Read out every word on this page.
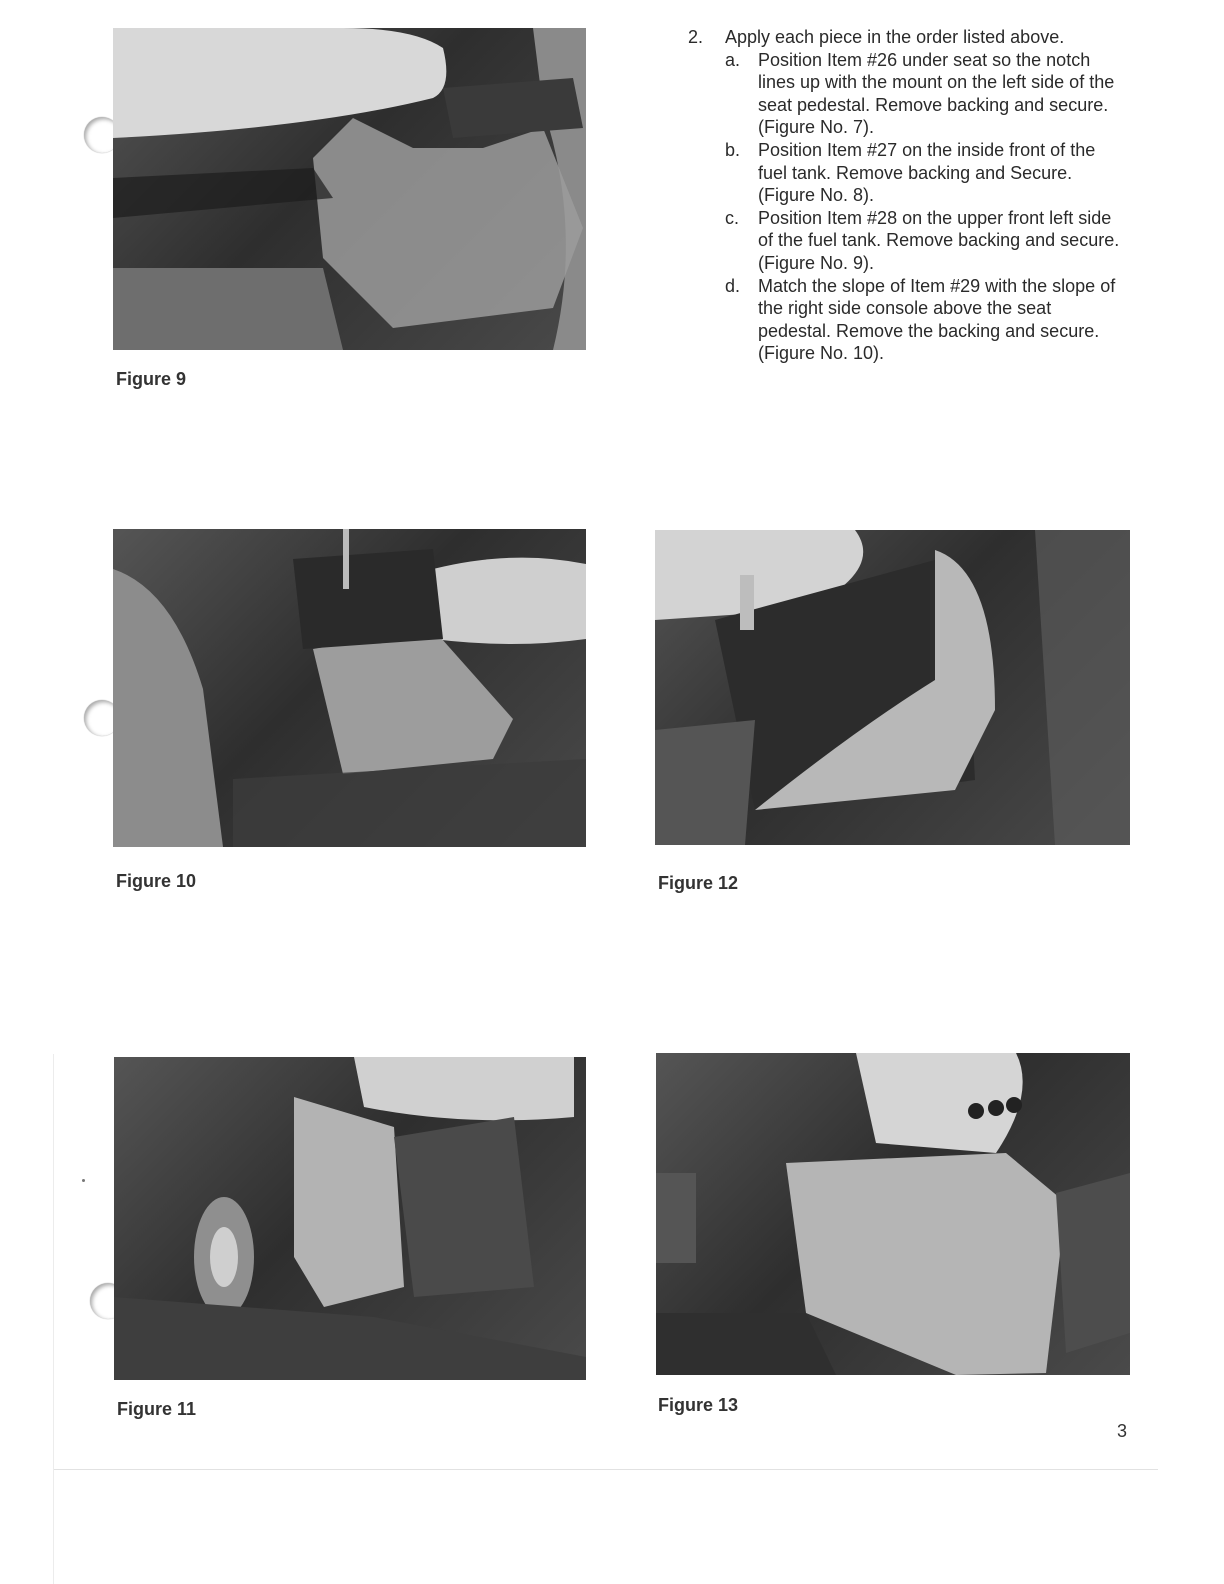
Figure 9

2.	Apply each piece in the order listed above.
a. Position Item #26 under seat so the notch lines up with the mount on the left side of the seat pedestal. Remove backing and secure. (Figure No. 7).
b. Position Item #27 on the inside front of the fuel tank. Remove backing and Secure. (Figure No. 8).
c.	Position Item #28 on the upper front left side of the fuel tank. Remove backing and secure. (Figure No. 9).
d. Match the slope of Item #29 with the slope of the right side console above the seat pedestal. Remove the backing and secure. (Figure No. 10).

Figure 10	Figure 12

Figure 11	Figure 13

3
